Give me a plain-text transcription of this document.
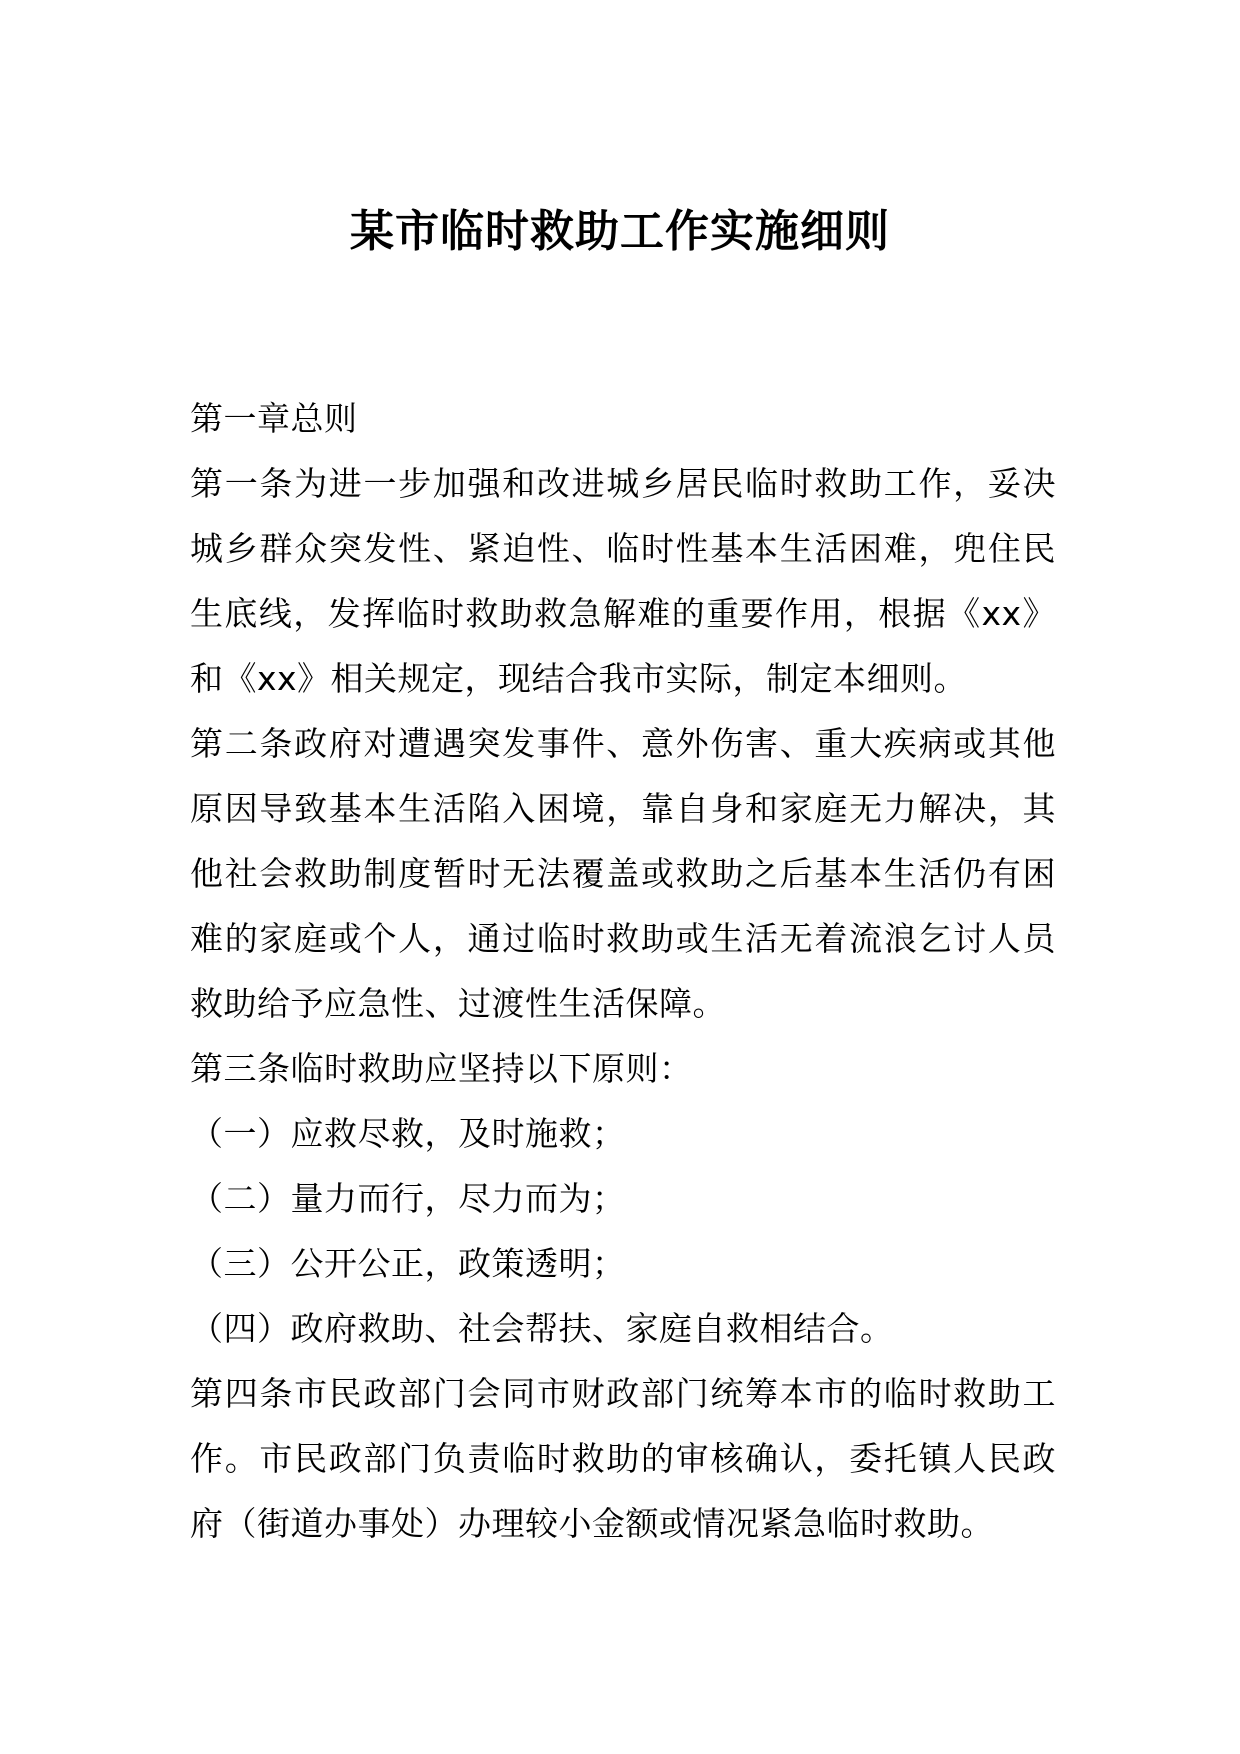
某市临时救助工作实施细则

第一章总则

第一条为进一步加强和改进城乡居民临时救助工作，妥决城乡群众突发性、紧迫性、临时性基本生活困难，兜住民生底线，发挥临时救助救急解难的重要作用，根据《xx》和《xx》相关规定，现结合我市实际，制定本细则。

第二条政府对遭遇突发事件、意外伤害、重大疾病或其他原因导致基本生活陷入困境，靠自身和家庭无力解决，其他社会救助制度暂时无法覆盖或救助之后基本生活仍有困难的家庭或个人，通过临时救助或生活无着流浪乞讨人员救助给予应急性、过渡性生活保障。

第三条临时救助应坚持以下原则：

（一）应救尽救，及时施救；

（二）量力而行，尽力而为；

（三）公开公正，政策透明；

（四）政府救助、社会帮扶、家庭自救相结合。

第四条市民政部门会同市财政部门统筹本市的临时救助工作。市民政部门负责临时救助的审核确认，委托镇人民政府（街道办事处）办理较小金额或情况紧急临时救助。
